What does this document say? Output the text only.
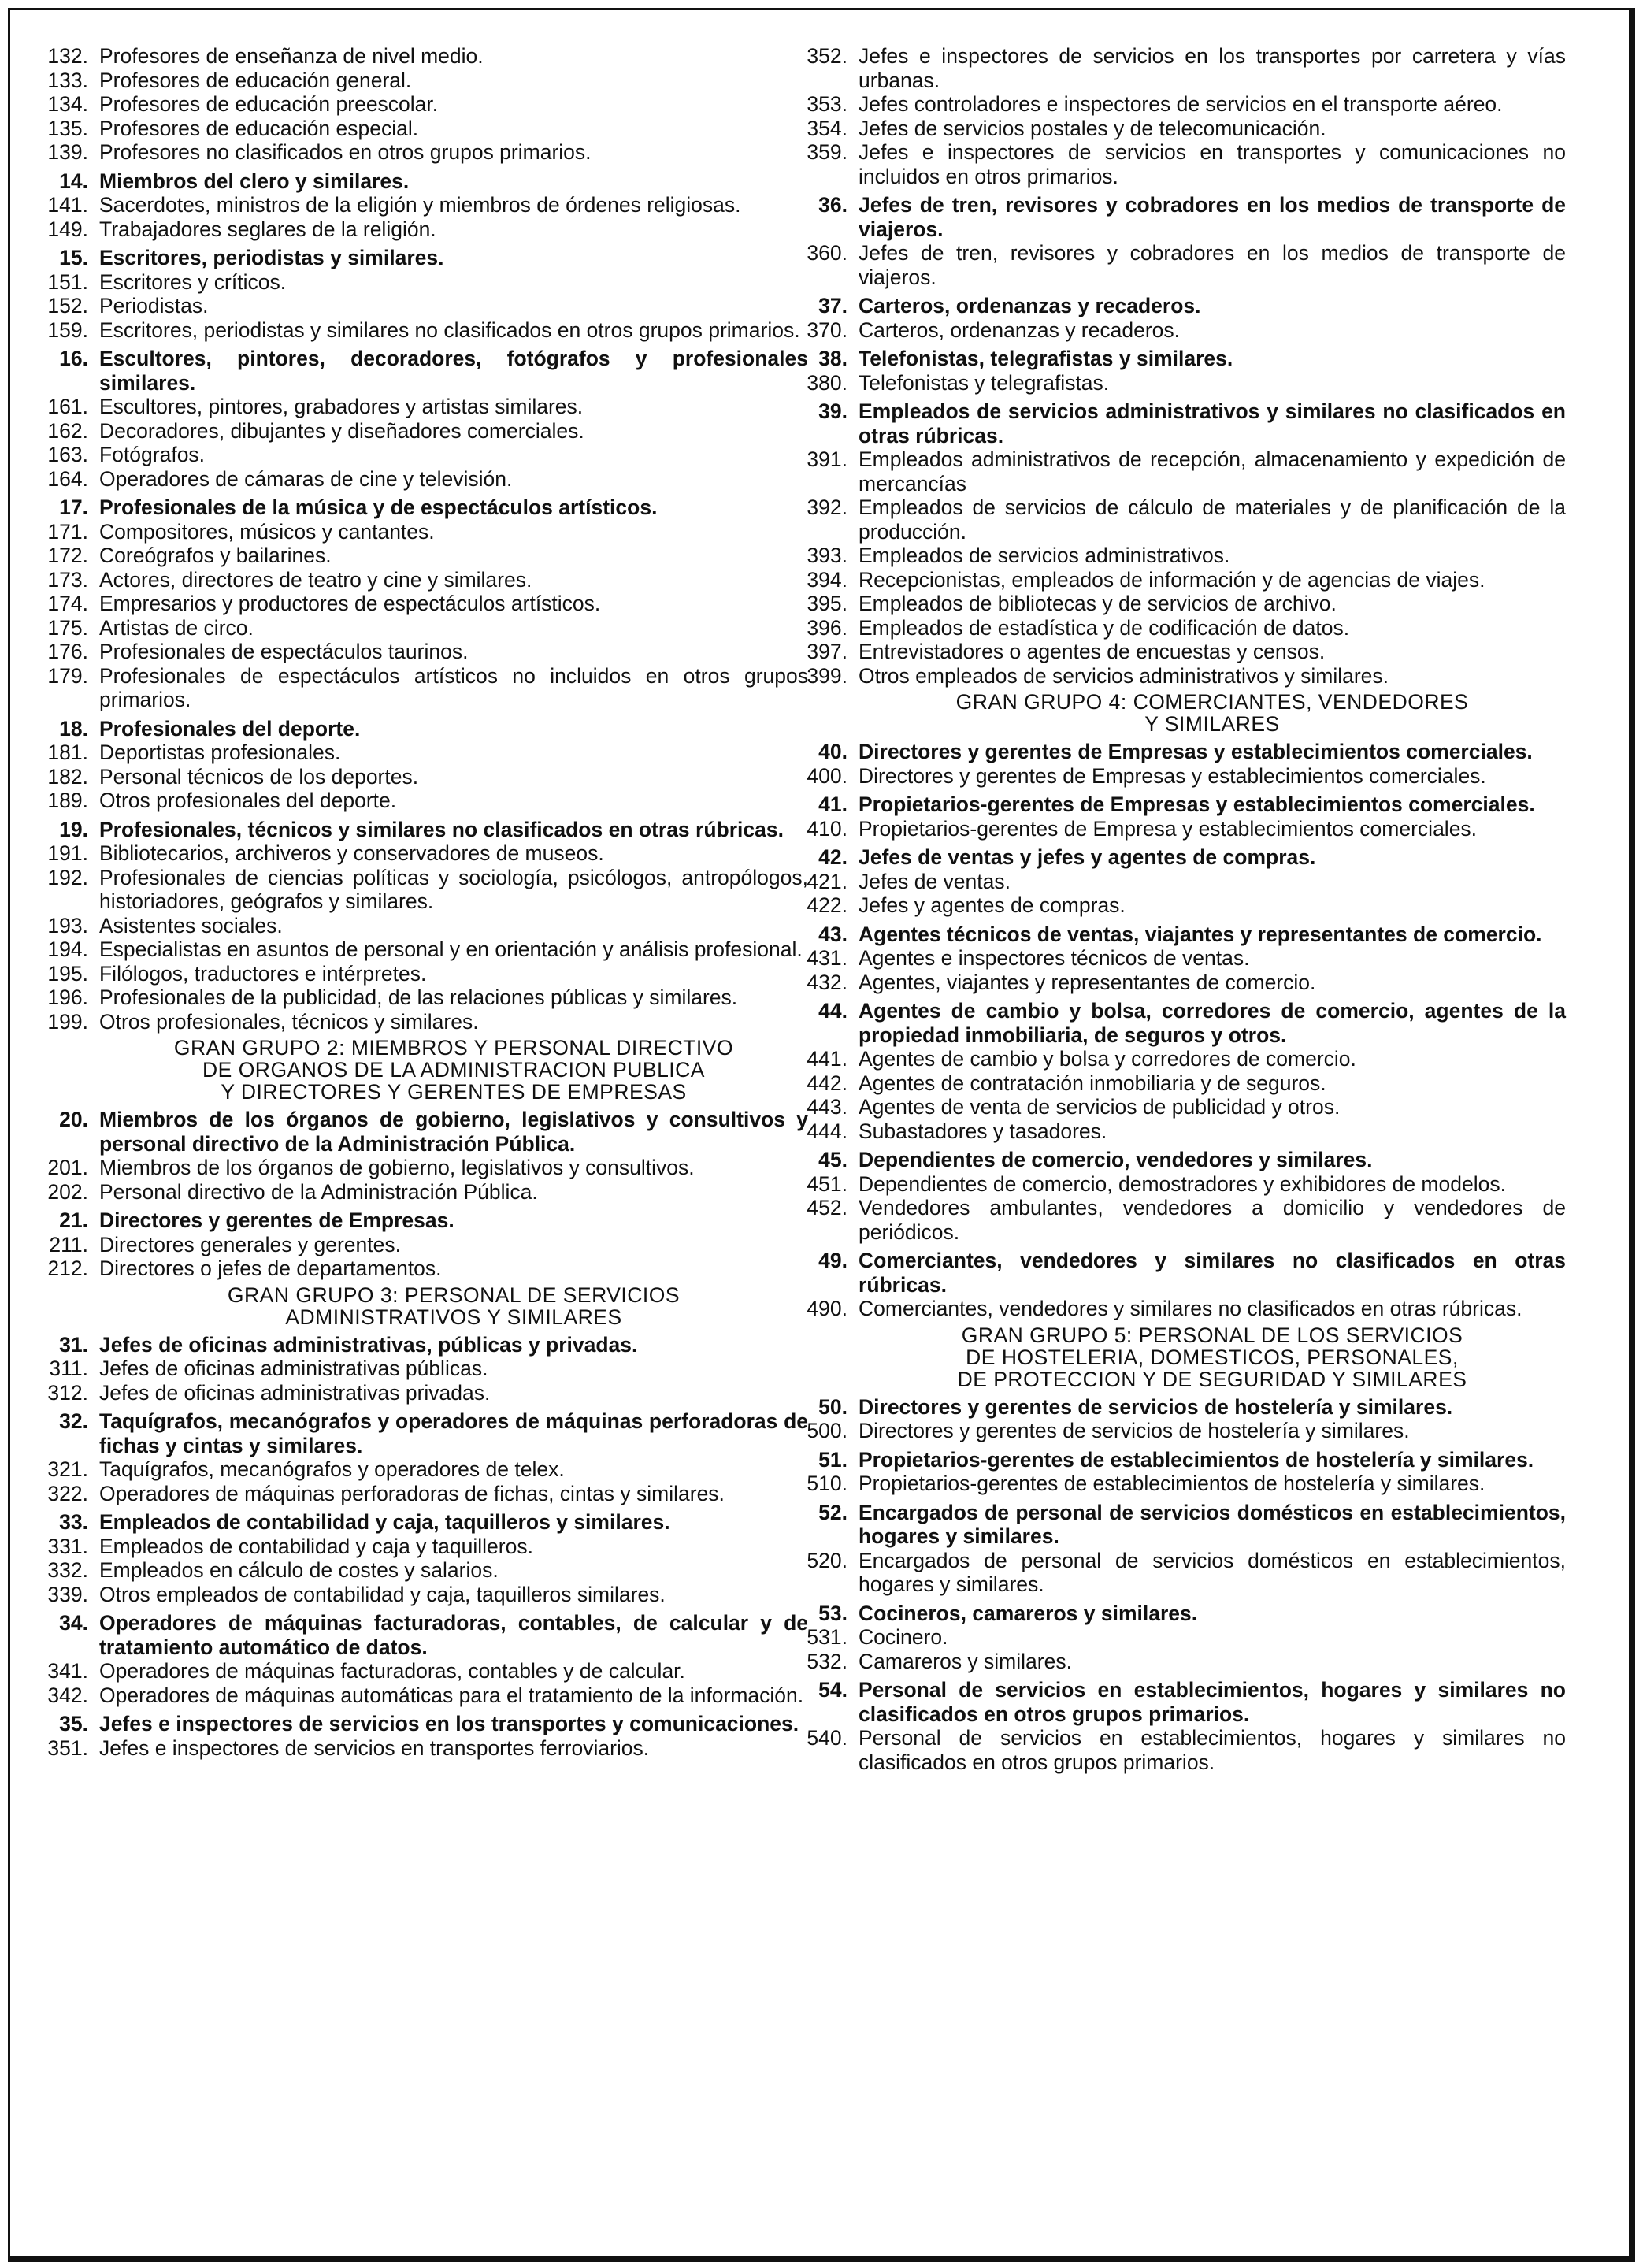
132. Profesores de enseñanza de nivel medio.
133. Profesores de educación general.
134. Profesores de educación preescolar.
135. Profesores de educación especial.
139. Profesores no clasificados en otros grupos primarios.
14. Miembros del clero y similares.
141. Sacerdotes, ministros de la eligión y miembros de órdenes religiosas.
149. Trabajadores seglares de la religión.
15. Escritores, periodistas y similares.
151. Escritores y críticos.
152. Periodistas.
159. Escritores, periodistas y similares no clasificados en otros grupos primarios.
16. Escultores, pintores, decoradores, fotógrafos y profesionales similares.
161. Escultores, pintores, grabadores y artistas similares.
162. Decoradores, dibujantes y diseñadores comerciales.
163. Fotógrafos.
164. Operadores de cámaras de cine y televisión.
17. Profesionales de la música y de espectáculos artísticos.
171. Compositores, músicos y cantantes.
172. Coreógrafos y bailarines.
173. Actores, directores de teatro y cine y similares.
174. Empresarios y productores de espectáculos artísticos.
175. Artistas de circo.
176. Profesionales de espectáculos taurinos.
179. Profesionales de espectáculos artísticos no incluidos en otros grupos primarios.
18. Profesionales del deporte.
181. Deportistas profesionales.
182. Personal técnicos de los deportes.
189. Otros profesionales del deporte.
19. Profesionales, técnicos y similares no clasificados en otras rúbricas.
191. Bibliotecarios, archiveros y conservadores de museos.
192. Profesionales de ciencias políticas y sociología, psicólogos, antropólogos, historiadores, geógrafos y similares.
193. Asistentes sociales.
194. Especialistas en asuntos de personal y en orientación y análisis profesional.
195. Filólogos, traductores e intérpretes.
196. Profesionales de la publicidad, de las relaciones públicas y similares.
199. Otros profesionales, técnicos y similares.
GRAN GRUPO 2: MIEMBROS Y PERSONAL DIRECTIVO
DE ORGANOS DE LA ADMINISTRACION PUBLICA
Y DIRECTORES Y GERENTES DE EMPRESAS
20. Miembros de los órganos de gobierno, legislativos y consultivos y personal directivo de la Administración Pública.
201. Miembros de los órganos de gobierno, legislativos y consultivos.
202. Personal directivo de la Administración Pública.
21. Directores y gerentes de Empresas.
211. Directores generales y gerentes.
212. Directores o jefes de departamentos.
GRAN GRUPO 3: PERSONAL DE SERVICIOS
ADMINISTRATIVOS Y SIMILARES
31. Jefes de oficinas administrativas, públicas y privadas.
311. Jefes de oficinas administrativas públicas.
312. Jefes de oficinas administrativas privadas.
32. Taquígrafos, mecanógrafos y operadores de máquinas perforadoras de fichas y cintas y similares.
321. Taquígrafos, mecanógrafos y operadores de telex.
322. Operadores de máquinas perforadoras de fichas, cintas y similares.
33. Empleados de contabilidad y caja, taquilleros y similares.
331. Empleados de contabilidad y caja y taquilleros.
332. Empleados en cálculo de costes y salarios.
339. Otros empleados de contabilidad y caja, taquilleros similares.
34. Operadores de máquinas facturadoras, contables, de calcular y de tratamiento automático de datos.
341. Operadores de máquinas facturadoras, contables y de calcular.
342. Operadores de máquinas automáticas para el tratamiento de la información.
35. Jefes e inspectores de servicios en los transportes y comunicaciones.
351. Jefes e inspectores de servicios en transportes ferroviarios.
352. Jefes e inspectores de servicios en los transportes por carretera y vías urbanas.
353. Jefes controladores e inspectores de servicios en el transporte aéreo.
354. Jefes de servicios postales y de telecomunicación.
359. Jefes e inspectores de servicios en transportes y comunicaciones no incluidos en otros primarios.
36. Jefes de tren, revisores y cobradores en los medios de transporte de viajeros.
360. Jefes de tren, revisores y cobradores en los medios de transporte de viajeros.
37. Carteros, ordenanzas y recaderos.
370. Carteros, ordenanzas y recaderos.
38. Telefonistas, telegrafistas y similares.
380. Telefonistas y telegrafistas.
39. Empleados de servicios administrativos y similares no clasificados en otras rúbricas.
391. Empleados administrativos de recepción, almacenamiento y expedición de mercancías
392. Empleados de servicios de cálculo de materiales y de planificación de la producción.
393. Empleados de servicios administrativos.
394. Recepcionistas, empleados de información y de agencias de viajes.
395. Empleados de bibliotecas y de servicios de archivo.
396. Empleados de estadística y de codificación de datos.
397. Entrevistadores o agentes de encuestas y censos.
399. Otros empleados de servicios administrativos y similares.
GRAN GRUPO 4: COMERCIANTES, VENDEDORES
Y SIMILARES
40. Directores y gerentes de Empresas y establecimientos comerciales.
400. Directores y gerentes de Empresas y establecimientos comerciales.
41. Propietarios-gerentes de Empresas y establecimientos comerciales.
410. Propietarios-gerentes de Empresa y establecimientos comerciales.
42. Jefes de ventas y jefes y agentes de compras.
421. Jefes de ventas.
422. Jefes y agentes de compras.
43. Agentes técnicos de ventas, viajantes y representantes de comercio.
431. Agentes e inspectores técnicos de ventas.
432. Agentes, viajantes y representantes de comercio.
44. Agentes de cambio y bolsa, corredores de comercio, agentes de la propiedad inmobiliaria, de seguros y otros.
441. Agentes de cambio y bolsa y corredores de comercio.
442. Agentes de contratación inmobiliaria y de seguros.
443. Agentes de venta de servicios de publicidad y otros.
444. Subastadores y tasadores.
45. Dependientes de comercio, vendedores y similares.
451. Dependientes de comercio, demostradores y exhibidores de modelos.
452. Vendedores ambulantes, vendedores a domicilio y vendedores de periódicos.
49. Comerciantes, vendedores y similares no clasificados en otras rúbricas.
490. Comerciantes, vendedores y similares no clasificados en otras rúbricas.
GRAN GRUPO 5: PERSONAL DE LOS SERVICIOS
DE HOSTELERIA, DOMESTICOS, PERSONALES,
DE PROTECCION Y DE SEGURIDAD Y SIMILARES
50. Directores y gerentes de servicios de hostelería y similares.
500. Directores y gerentes de servicios de hostelería y similares.
51. Propietarios-gerentes de establecimientos de hostelería y similares.
510. Propietarios-gerentes de establecimientos de hostelería y similares.
52. Encargados de personal de servicios domésticos en establecimientos, hogares y similares.
520. Encargados de personal de servicios domésticos en establecimientos, hogares y similares.
53. Cocineros, camareros y similares.
531. Cocinero.
532. Camareros y similares.
54. Personal de servicios en establecimientos, hogares y similares no clasificados en otros grupos primarios.
540. Personal de servicios en establecimientos, hogares y similares no clasificados en otros grupos primarios.
